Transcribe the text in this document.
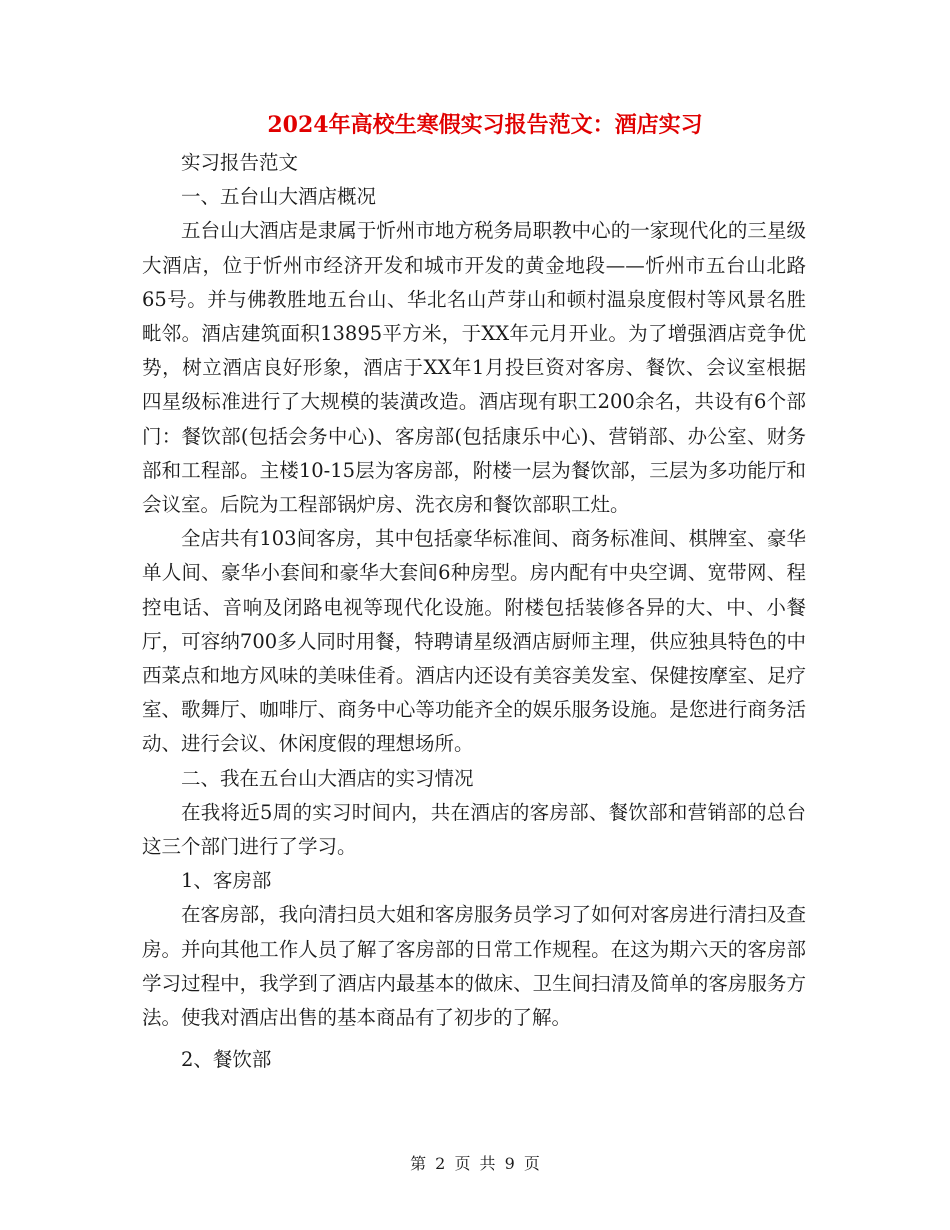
2024年高校生寒假实习报告范文：酒店实习

实习报告范文

一、五台山大酒店概况

五台山大酒店是隶属于忻州市地方税务局职教中心的一家现代化的三星级大酒店，位于忻州市经济开发和城市开发的黄金地段——忻州市五台山北路65号。并与佛教胜地五台山、华北名山芦芽山和顿村温泉度假村等风景名胜毗邻。酒店建筑面积13895平方米，于XX年元月开业。为了增强酒店竞争优势，树立酒店良好形象，酒店于XX年1月投巨资对客房、餐饮、会议室根据四星级标准进行了大规模的装潢改造。酒店现有职工200余名，共设有6个部门：餐饮部(包括会务中心)、客房部(包括康乐中心)、营销部、办公室、财务部和工程部。主楼10-15层为客房部，附楼一层为餐饮部，三层为多功能厅和会议室。后院为工程部锅炉房、洗衣房和餐饮部职工灶。

全店共有103间客房，其中包括豪华标准间、商务标准间、棋牌室、豪华单人间、豪华小套间和豪华大套间6种房型。房内配有中央空调、宽带网、程控电话、音响及闭路电视等现代化设施。附楼包括装修各异的大、中、小餐厅，可容纳700多人同时用餐，特聘请星级酒店厨师主理，供应独具特色的中西菜点和地方风味的美味佳肴。酒店内还设有美容美发室、保健按摩室、足疗室、歌舞厅、咖啡厅、商务中心等功能齐全的娱乐服务设施。是您进行商务活动、进行会议、休闲度假的理想场所。

二、我在五台山大酒店的实习情况

在我将近5周的实习时间内，共在酒店的客房部、餐饮部和营销部的总台这三个部门进行了学习。

1、客房部

在客房部，我向清扫员大姐和客房服务员学习了如何对客房进行清扫及查房。并向其他工作人员了解了客房部的日常工作规程。在这为期六天的客房部学习过程中，我学到了酒店内最基本的做床、卫生间扫清及简单的客房服务方法。使我对酒店出售的基本商品有了初步的了解。

2、餐饮部

第 2 页 共 9 页
